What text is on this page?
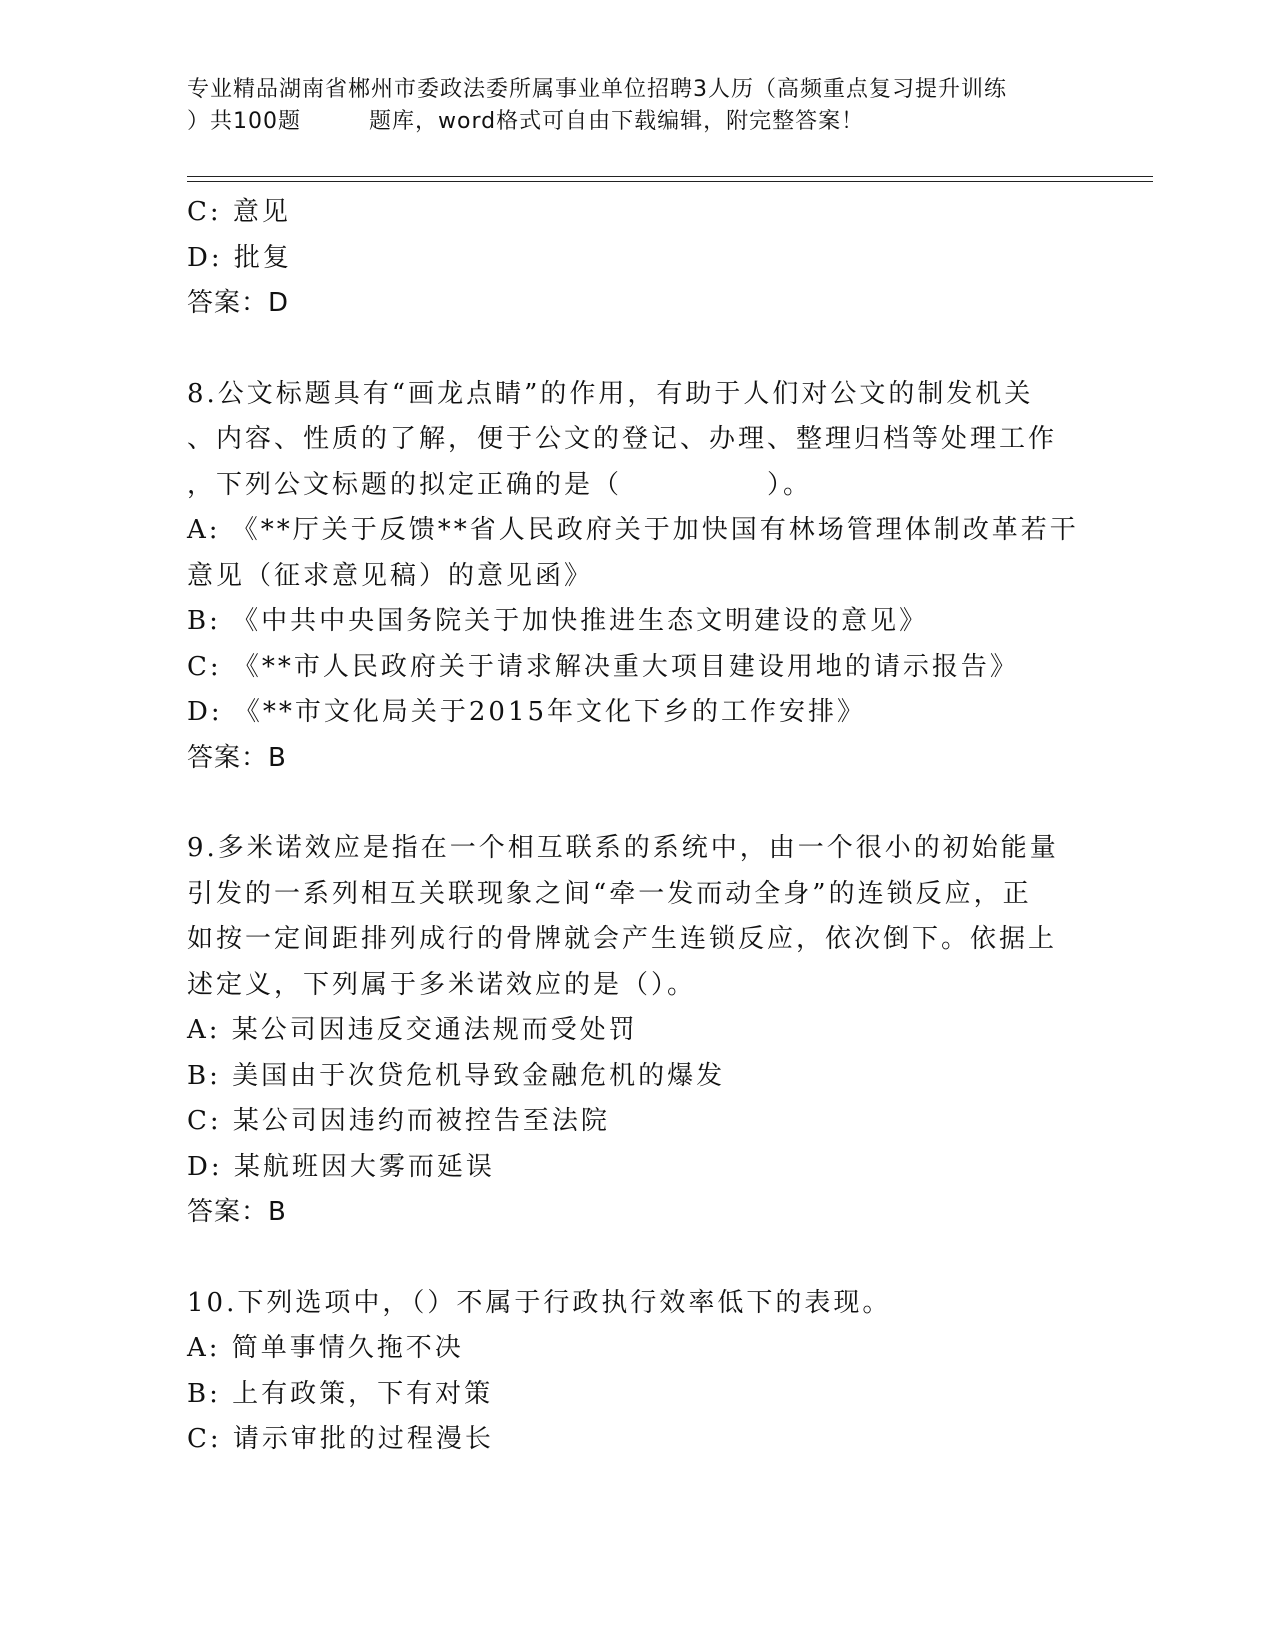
专业精品湖南省郴州市委政法委所属事业单位招聘3人历（高频重点复习提升训练
）共100题	题库，word格式可自由下载编辑，附完整答案！
C: 意见
D: 批复
答案：D
8.公文标题具有“画龙点睛”的作用，有助于人们对公文的制发机关
、内容、性质的了解，便于公文的登记、办理、整理归档等处理工作
，下列公文标题的拟定正确的是（　　　　　）。
A: 《**厅关于反馈**省人民政府关于加快国有林场管理体制改革若干
意见（征求意见稿）的意见函》
B: 《中共中央国务院关于加快推进生态文明建设的意见》
C: 《**市人民政府关于请求解决重大项目建设用地的请示报告》
D: 《**市文化局关于2015年文化下乡的工作安排》
答案：B
9.多米诺效应是指在一个相互联系的系统中，由一个很小的初始能量
引发的一系列相互关联现象之间“牵一发而动全身”的连锁反应，正
如按一定间距排列成行的骨牌就会产生连锁反应，依次倒下。依据上
述定义，下列属于多米诺效应的是（）。
A: 某公司因违反交通法规而受处罚
B: 美国由于次贷危机导致金融危机的爆发
C: 某公司因违约而被控告至法院
D: 某航班因大雾而延误
答案：B
10.下列选项中，（）不属于行政执行效率低下的表现。
A: 简单事情久拖不决
B: 上有政策，下有对策
C: 请示审批的过程漫长
